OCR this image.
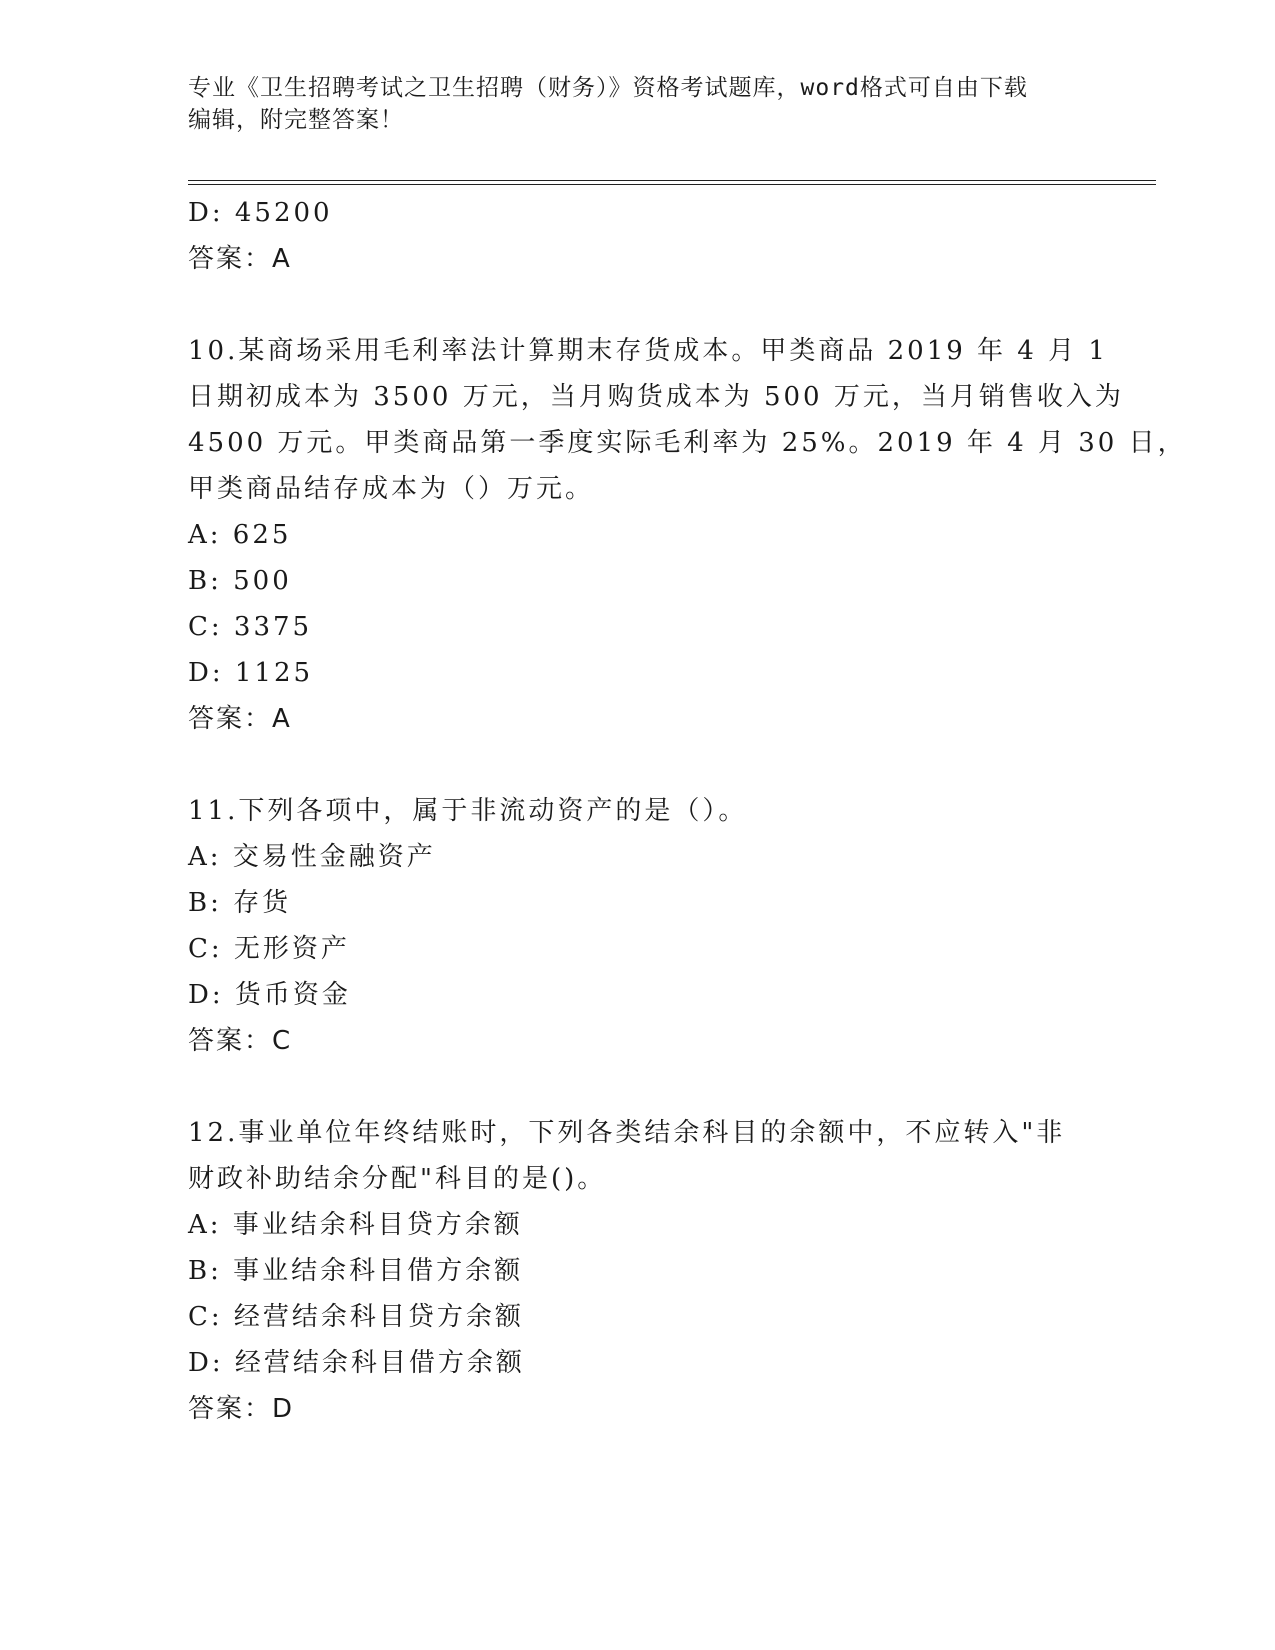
专业《卫生招聘考试之卫生招聘（财务）》资格考试题库，word格式可自由下载
编辑，附完整答案！
D: 45200
答案：A
10.某商场采用毛利率法计算期末存货成本。甲类商品 2019 年 4 月 1
日期初成本为 3500 万元，当月购货成本为 500 万元，当月销售收入为
4500 万元。甲类商品第一季度实际毛利率为 25%。2019 年 4 月 30 日，
甲类商品结存成本为（）万元。
A: 625
B: 500
C: 3375
D: 1125
答案：A
11.下列各项中，属于非流动资产的是（）。
A: 交易性金融资产
B: 存货
C: 无形资产
D: 货币资金
答案：C
12.事业单位年终结账时，下列各类结余科目的余额中，不应转入"非
财政补助结余分配"科目的是()。
A: 事业结余科目贷方余额
B: 事业结余科目借方余额
C: 经营结余科目贷方余额
D: 经营结余科目借方余额
答案：D
